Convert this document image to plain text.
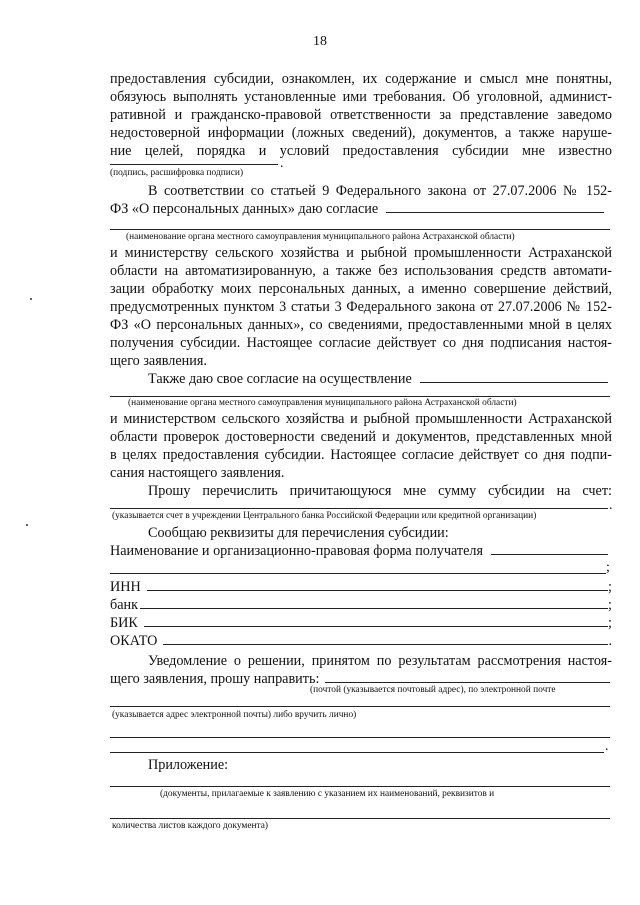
18
предоставления субсидии, ознакомлен, их содержание и смысл мне понятны,
обязуюсь выполнять установленные ими требования. Об уголовной, админист-
ративной и гражданско-правовой ответственности за представление заведомо
недостоверной информации (ложных сведений), документов, а также наруше-
ние целей, порядка и условий предоставления субсидии мне известно
.
(подпись, расшифровка подписи)
В соответствии со статьей 9 Федерального закона от 27.07.2006 № 152-
ФЗ «О персональных данных» даю согласие
(наименование органа местного самоуправления муниципального района Астраханской области)
и министерству сельского хозяйства и рыбной промышленности Астраханской
области на автоматизированную, а также без использования средств автомати-
зации обработку моих персональных данных, а именно совершение действий,
предусмотренных пунктом 3 статьи 3 Федерального закона от 27.07.2006 № 152-
ФЗ «О персональных данных», со сведениями, предоставленными мной в целях
получения субсидии. Настоящее согласие действует со дня подписания настоя-
щего заявления.
Также даю свое согласие на осуществление
(наименование органа местного самоуправления муниципального района Астраханской области)
и министерством сельского хозяйства и рыбной промышленности Астраханской
области проверок достоверности сведений и документов, представленных мной
в целях предоставления субсидии. Настоящее согласие действует со дня подпи-
сания настоящего заявления.
Прошу перечислить причитающуюся мне сумму субсидии на счет:
.
(указывается счет в учреждении Центрального банка Российской Федерации или кредитной организации)
Сообщаю реквизиты для перечисления субсидии:
Наименование и организационно-правовая форма получателя
;
ИНН	;
банк	;
БИК	;
ОКАТО	.
Уведомление о решении, принятом по результатам рассмотрения настоя-
щего заявления, прошу направить:
(почтой (указывается почтовый адрес), по электронной почте
(указывается адрес электронной почты) либо вручить лично)
.
Приложение:
(документы, прилагаемые к заявлению с указанием их наименований, реквизитов и
количества листов каждого документа)
